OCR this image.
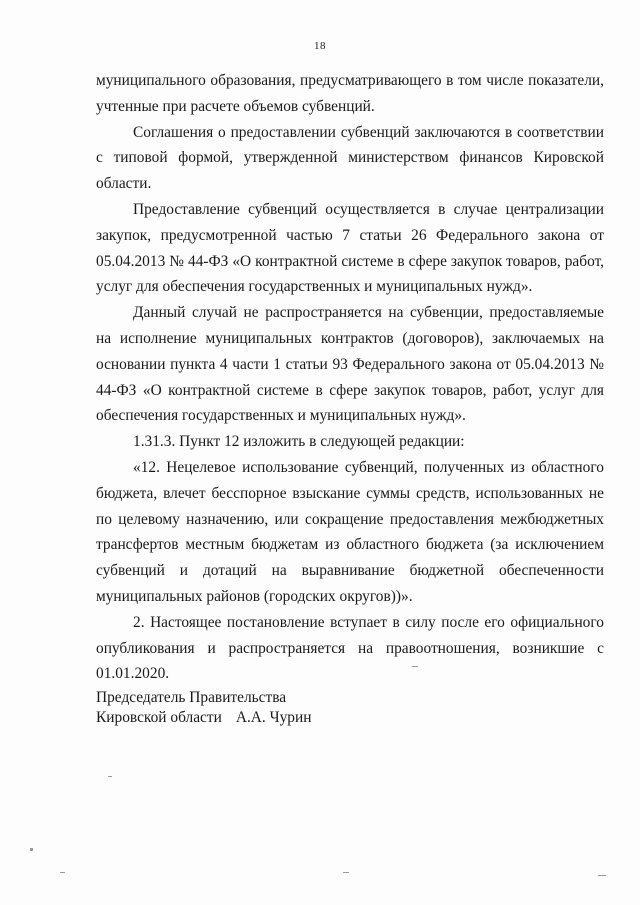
18

муниципального образования, предусматривающего в том числе показатели, учтенные при расчете объемов субвенций.

Соглашения о предоставлении субвенций заключаются в соответствии с типовой формой, утвержденной министерством финансов Кировской области.

Предоставление субвенций осуществляется в случае централизации закупок, предусмотренной частью 7 статьи 26 Федерального закона от 05.04.2013 № 44-ФЗ «О контрактной системе в сфере закупок товаров, работ, услуг для обеспечения государственных и муниципальных нужд».

Данный случай не распространяется на субвенции, предоставляемые на исполнение муниципальных контрактов (договоров), заключаемых на основании пункта 4 части 1 статьи 93 Федерального закона от 05.04.2013 № 44-ФЗ «О контрактной системе в сфере закупок товаров, работ, услуг для обеспечения государственных и муниципальных нужд».

1.31.3. Пункт 12 изложить в следующей редакции:

«12. Нецелевое использование субвенций, полученных из областного бюджета, влечет бесспорное взыскание суммы средств, использованных не по целевому назначению, или сокращение предоставления межбюджетных трансфертов местным бюджетам из областного бюджета (за исключением субвенций и дотаций на выравнивание бюджетной обеспеченности муниципальных районов (городских округов))».

2. Настоящее постановление вступает в силу после его официального опубликования и распространяется на правоотношения, возникшие с 01.01.2020.

Председатель Правительства
Кировской области А.А. Чурин
